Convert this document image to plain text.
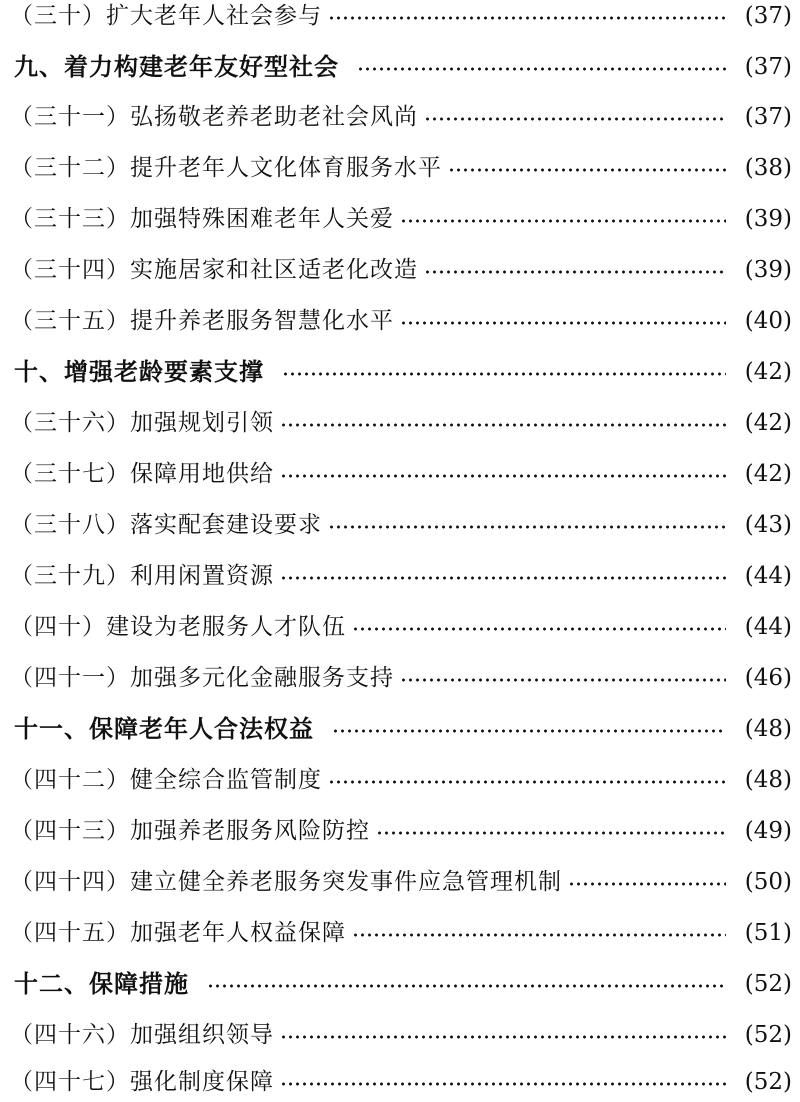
（三十）扩大老年人社会参与	(37)
九、着力构建老年友好型社会	(37)
（三十一）弘扬敬老养老助老社会风尚	(37)
（三十二）提升老年人文化体育服务水平	(38)
（三十三）加强特殊困难老年人关爱	(39)
（三十四）实施居家和社区适老化改造	(39)
（三十五）提升养老服务智慧化水平	(40)
十、增强老龄要素支撑	(42)
（三十六）加强规划引领	(42)
（三十七）保障用地供给	(42)
（三十八）落实配套建设要求	(43)
（三十九）利用闲置资源	(44)
（四十）建设为老服务人才队伍	(44)
（四十一）加强多元化金融服务支持	(46)
十一、保障老年人合法权益	(48)
（四十二）健全综合监管制度	(48)
（四十三）加强养老服务风险防控	(49)
（四十四）建立健全养老服务突发事件应急管理机制	(50)
（四十五）加强老年人权益保障	(51)
十二、保障措施	(52)
（四十六）加强组织领导	(52)
（四十七）强化制度保障	(52)
